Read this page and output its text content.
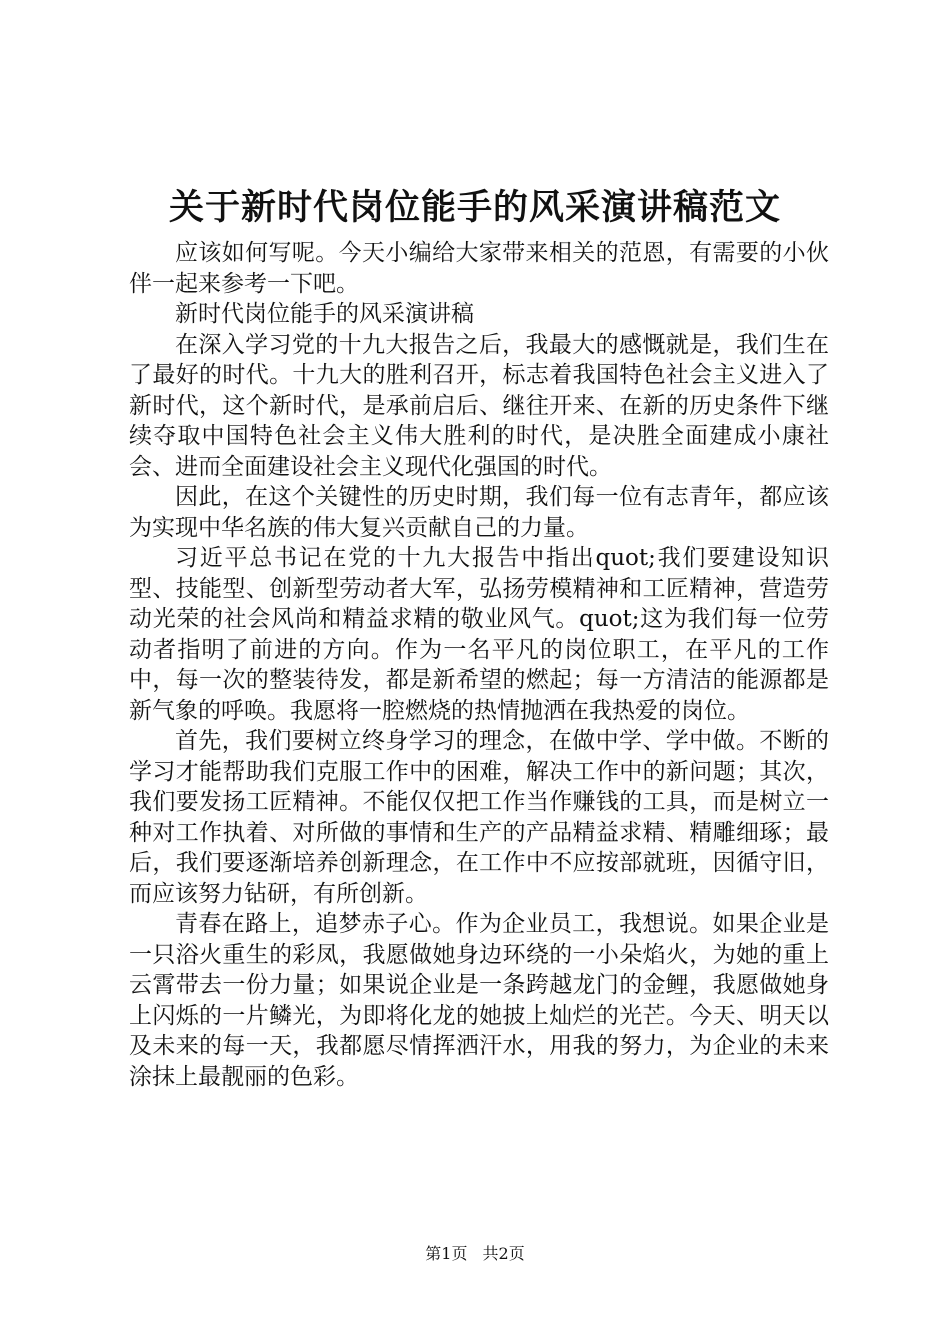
关于新时代岗位能手的风采演讲稿范文

应该如何写呢。今天小编给大家带来相关的范恩，有需要的小伙伴一起来参考一下吧。

新时代岗位能手的风采演讲稿

在深入学习党的十九大报告之后，我最大的感慨就是，我们生在了最好的时代。十九大的胜利召开，标志着我国特色社会主义进入了新时代，这个新时代，是承前启后、继往开来、在新的历史条件下继续夺取中国特色社会主义伟大胜利的时代，是决胜全面建成小康社会、进而全面建设社会主义现代化强国的时代。

因此，在这个关键性的历史时期，我们每一位有志青年，都应该为实现中华名族的伟大复兴贡献自己的力量。

习近平总书记在党的十九大报告中指出quot;我们要建设知识型、技能型、创新型劳动者大军，弘扬劳模精神和工匠精神，营造劳动光荣的社会风尚和精益求精的敬业风气。quot;这为我们每一位劳动者指明了前进的方向。作为一名平凡的岗位职工，在平凡的工作中，每一次的整装待发，都是新希望的燃起；每一方清洁的能源都是新气象的呼唤。我愿将一腔燃烧的热情抛洒在我热爱的岗位。

首先，我们要树立终身学习的理念，在做中学、学中做。不断的学习才能帮助我们克服工作中的困难，解决工作中的新问题；其次，我们要发扬工匠精神。不能仅仅把工作当作赚钱的工具，而是树立一种对工作执着、对所做的事情和生产的产品精益求精、精雕细琢；最后，我们要逐渐培养创新理念，在工作中不应按部就班，因循守旧，而应该努力钻研，有所创新。

青春在路上，追梦赤子心。作为企业员工，我想说。如果企业是一只浴火重生的彩凤，我愿做她身边环绕的一小朵焰火，为她的重上云霄带去一份力量；如果说企业是一条跨越龙门的金鲤，我愿做她身上闪烁的一片鳞光，为即将化龙的她披上灿烂的光芒。今天、明天以及未来的每一天，我都愿尽情挥洒汗水，用我的努力，为企业的未来涂抹上最靓丽的色彩。

第1页 共2页
